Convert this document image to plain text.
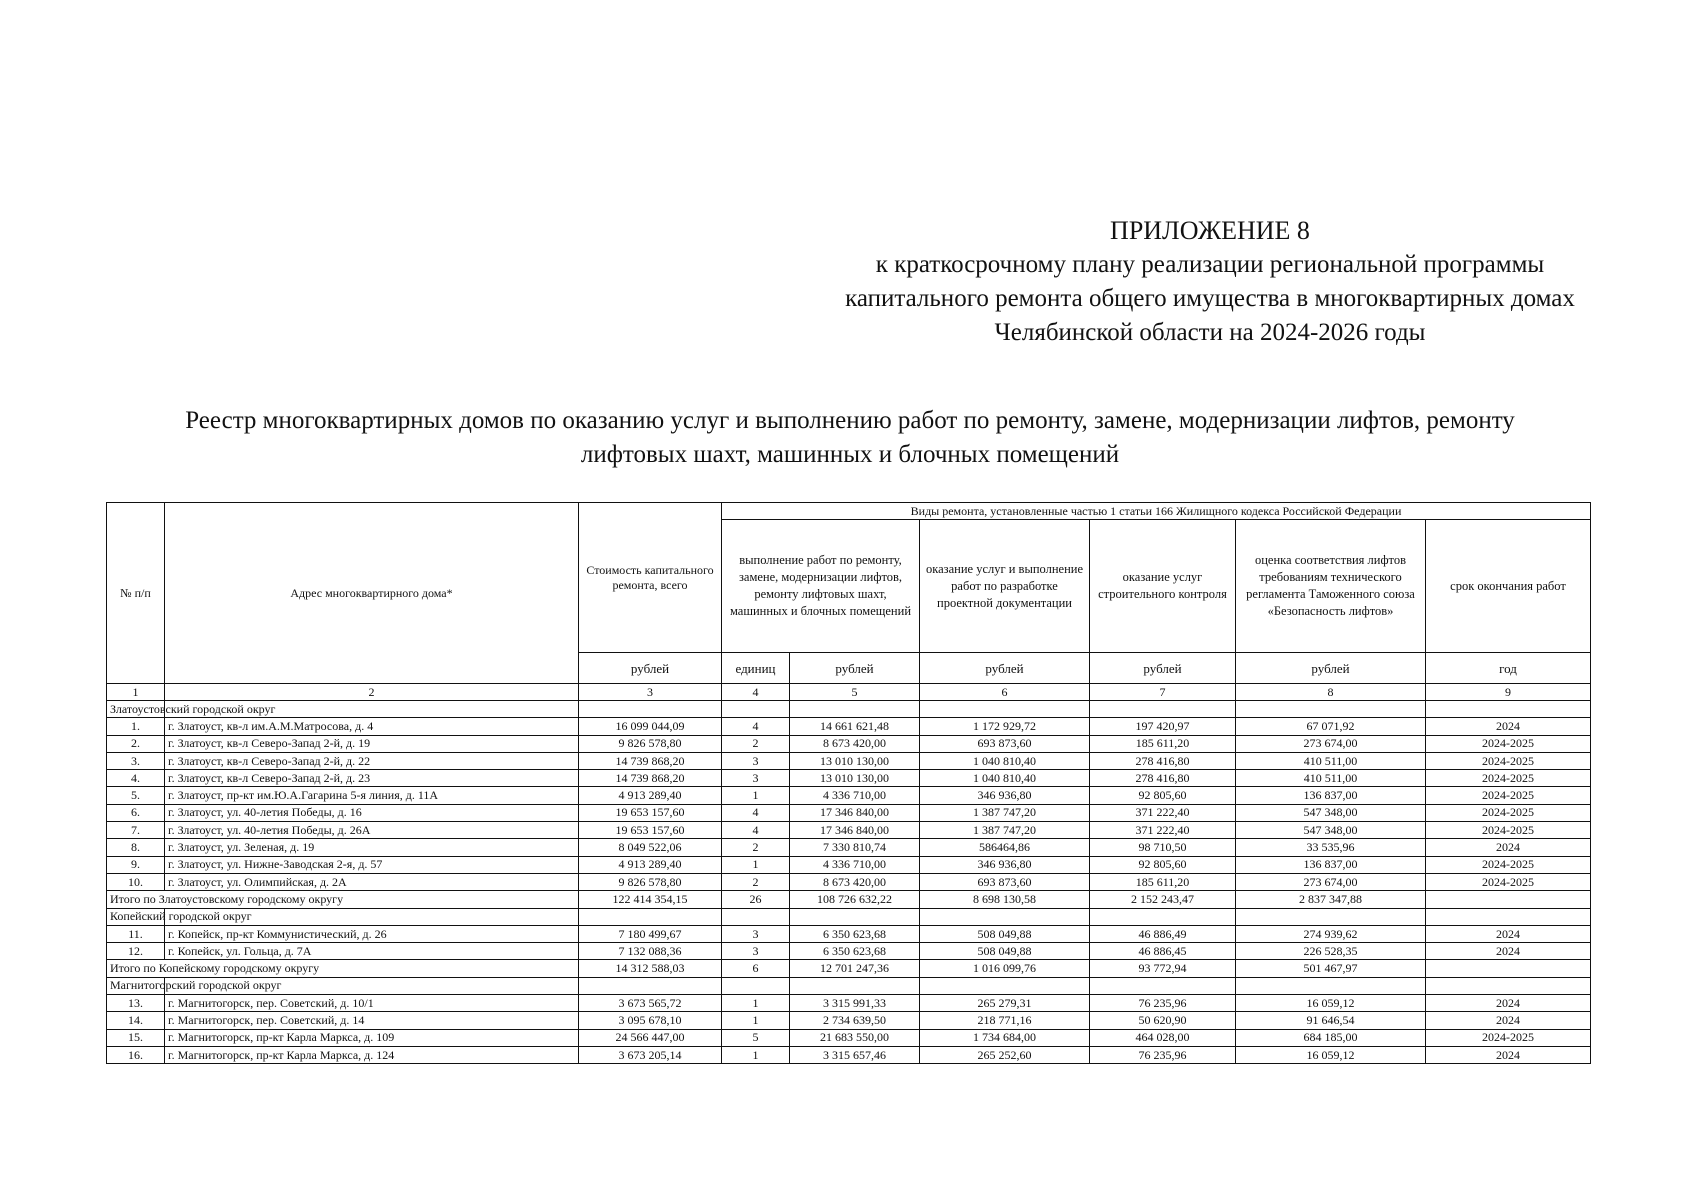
ПРИЛОЖЕНИЕ 8
к краткосрочному плану реализации региональной программы
капитального ремонта общего имущества в многоквартирных домах
Челябинской области на 2024-2026 годы
Реестр многоквартирных домов по оказанию услуг и выполнению работ по ремонту, замене, модернизации лифтов, ремонту
лифтовых шахт, машинных и блочных помещений
№ п/п	Адрес многоквартирного дома*	Стоимость капитального ремонта, всего	Виды ремонта, установленные частью 1 статьи 166 Жилищного кодекса Российской Федерации					
			выполнение работ по ремонту, замене, модернизации лифтов, ремонту лифтовых шахт, машинных и блочных помещений		оказание услуг и выполнение работ по разработке проектной документации	оказание услуг строительного контроля	оценка соответствия лифтов требованиям технического регламента Таможенного союза «Безопасность лифтов»	срок окончания работ
		рублей	единиц	рублей	рублей	рублей	рублей	год
1	2	3	4	5	6	7	8	9
Златоустовский городской округ								
1.	г. Златоуст, кв-л им.А.М.Матросова, д. 4	16 099 044,09	4	14 661 621,48	1 172 929,72	197 420,97	67 071,92	2024
2.	г. Златоуст, кв-л Северо-Запад 2-й, д. 19	9 826 578,80	2	8 673 420,00	693 873,60	185 611,20	273 674,00	2024-2025
3.	г. Златоуст, кв-л Северо-Запад 2-й, д. 22	14 739 868,20	3	13 010 130,00	1 040 810,40	278 416,80	410 511,00	2024-2025
4.	г. Златоуст, кв-л Северо-Запад 2-й, д. 23	14 739 868,20	3	13 010 130,00	1 040 810,40	278 416,80	410 511,00	2024-2025
5.	г. Златоуст, пр-кт им.Ю.А.Гагарина 5-я линия, д. 11А	4 913 289,40	1	4 336 710,00	346 936,80	92 805,60	136 837,00	2024-2025
6.	г. Златоуст, ул. 40-летия Победы, д. 16	19 653 157,60	4	17 346 840,00	1 387 747,20	371 222,40	547 348,00	2024-2025
7.	г. Златоуст, ул. 40-летия Победы, д. 26А	19 653 157,60	4	17 346 840,00	1 387 747,20	371 222,40	547 348,00	2024-2025
8.	г. Златоуст, ул. Зеленая, д. 19	8 049 522,06	2	7 330 810,74	586464,86	98 710,50	33 535,96	2024
9.	г. Златоуст, ул. Нижне-Заводская 2-я, д. 57	4 913 289,40	1	4 336 710,00	346 936,80	92 805,60	136 837,00	2024-2025
10.	г. Златоуст, ул. Олимпийская, д. 2А	9 826 578,80	2	8 673 420,00	693 873,60	185 611,20	273 674,00	2024-2025
Итого по Златоустовскому городскому округу		122 414 354,15	26	108 726 632,22	8 698 130,58	2 152 243,47	2 837 347,88	
Копейский городской округ								
11.	г. Копейск, пр-кт Коммунистический, д. 26	7 180 499,67	3	6 350 623,68	508 049,88	46 886,49	274 939,62	2024
12.	г. Копейск, ул. Гольца, д. 7А	7 132 088,36	3	6 350 623,68	508 049,88	46 886,45	226 528,35	2024
Итого по Копейскому городскому округу		14 312 588,03	6	12 701 247,36	1 016 099,76	93 772,94	501 467,97	
Магнитогорский городской округ								
13.	г. Магнитогорск, пер. Советский, д. 10/1	3 673 565,72	1	3 315 991,33	265 279,31	76 235,96	16 059,12	2024
14.	г. Магнитогорск, пер. Советский, д. 14	3 095 678,10	1	2 734 639,50	218 771,16	50 620,90	91 646,54	2024
15.	г. Магнитогорск, пр-кт Карла Маркса, д. 109	24 566 447,00	5	21 683 550,00	1 734 684,00	464 028,00	684 185,00	2024-2025
16.	г. Магнитогорск, пр-кт Карла Маркса, д. 124	3 673 205,14	1	3 315 657,46	265 252,60	76 235,96	16 059,12	2024
